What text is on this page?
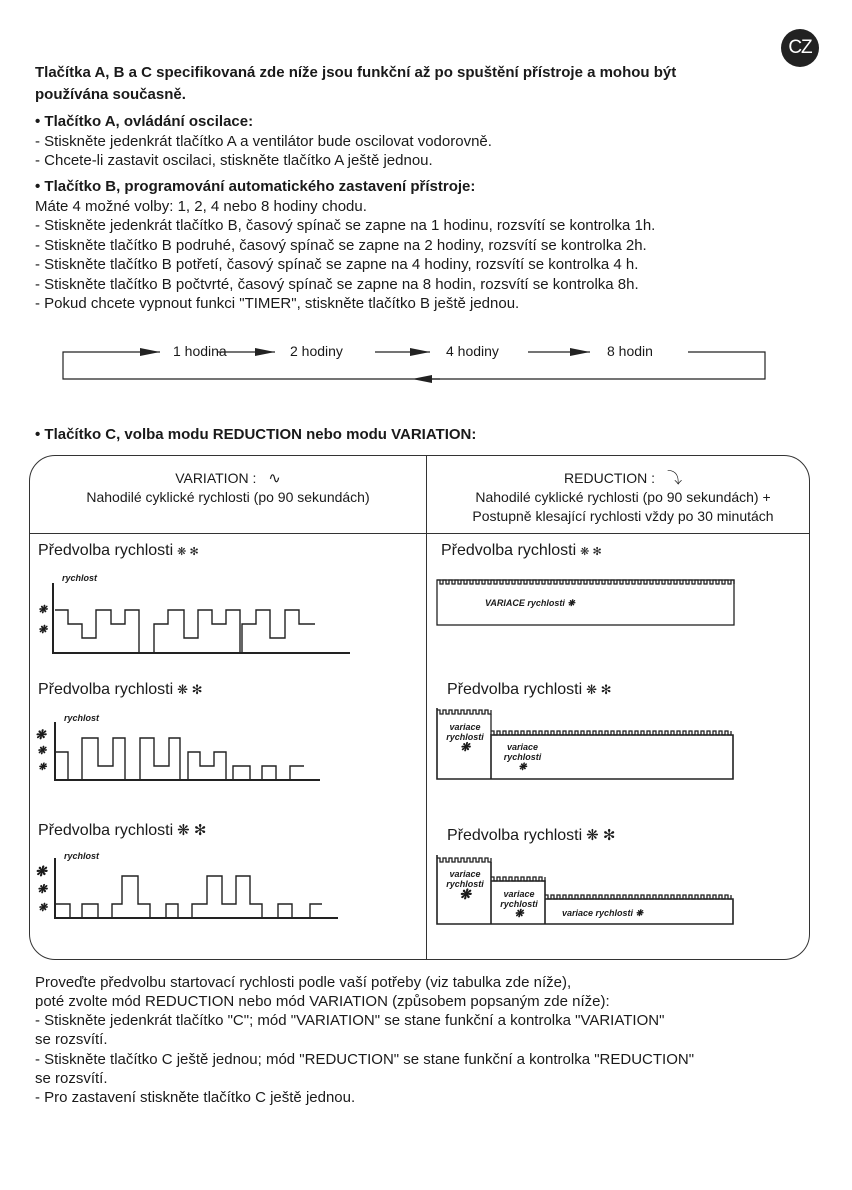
CZ
Tlačítka A, B a C specifikovaná zde níže jsou funkční až po spuštění přístroje a mohou být
používána současně.
• Tlačítko A, ovládání oscilace:
- Stiskněte jedenkrát tlačítko A a ventilátor bude oscilovat vodorovně.
- Chcete-li zastavit oscilaci, stiskněte tlačítko A ještě jednou.
• Tlačítko B, programování automatického zastavení přístroje:
Máte 4 možné volby: 1, 2, 4 nebo 8 hodiny chodu.
- Stiskněte jedenkrát tlačítko B, časový spínač se zapne na 1 hodinu, rozsvítí se kontrolka 1h.
- Stiskněte tlačítko B podruhé, časový spínač se zapne na 2 hodiny, rozsvítí se kontrolka 2h.
- Stiskněte tlačítko B potřetí, časový spínač se zapne na 4 hodiny, rozsvítí se kontrolka 4 h.
- Stiskněte tlačítko B počtvrté, časový spínač se zapne na 8 hodin, rozsvítí se kontrolka 8h.
- Pokud chcete vypnout funkci "TIMER", stiskněte tlačítko B ještě jednou.
1 hodina	2 hodiny	4 hodiny	8 hodin
• Tlačítko C, volba modu REDUCTION nebo modu VARIATION:
VARIATION : ∿
Nahodilé cyklické rychlosti (po 90 sekundách)
REDUCTION : ⤵
Nahodilé cyklické rychlosti (po 90 sekundách) +
Postupně klesající rychlosti vždy po 30 minutách
Předvolba rychlosti ❋ ✻
rychlost
❋
❋
Předvolba rychlosti ❋ ✻
rychlost
❋
❋
❋
Předvolba rychlosti ❋ ✻
rychlost
❋
❋
❋
Předvolba rychlosti ❋ ✻
VARIACE rychlosti ❋
Předvolba rychlosti ❋ ✻
variace
rychlosti
❋	variace
rychlosti
❋
Předvolba rychlosti ❋ ✻
variace
rychlosti
❋	variace
rychlosti
❋	variace rychlosti ❋
Proveďte předvolbu startovací rychlosti podle vaší potřeby (viz tabulka zde níže),
poté zvolte mód REDUCTION nebo mód VARIATION (způsobem popsaným zde níže):
- Stiskněte jedenkrát tlačítko "C"; mód "VARIATION" se stane funkční a kontrolka "VARIATION"
se rozsvítí.
- Stiskněte tlačítko C ještě jednou; mód "REDUCTION" se stane funkční a kontrolka "REDUCTION"
se rozsvítí.
- Pro zastavení stiskněte tlačítko C ještě jednou.
